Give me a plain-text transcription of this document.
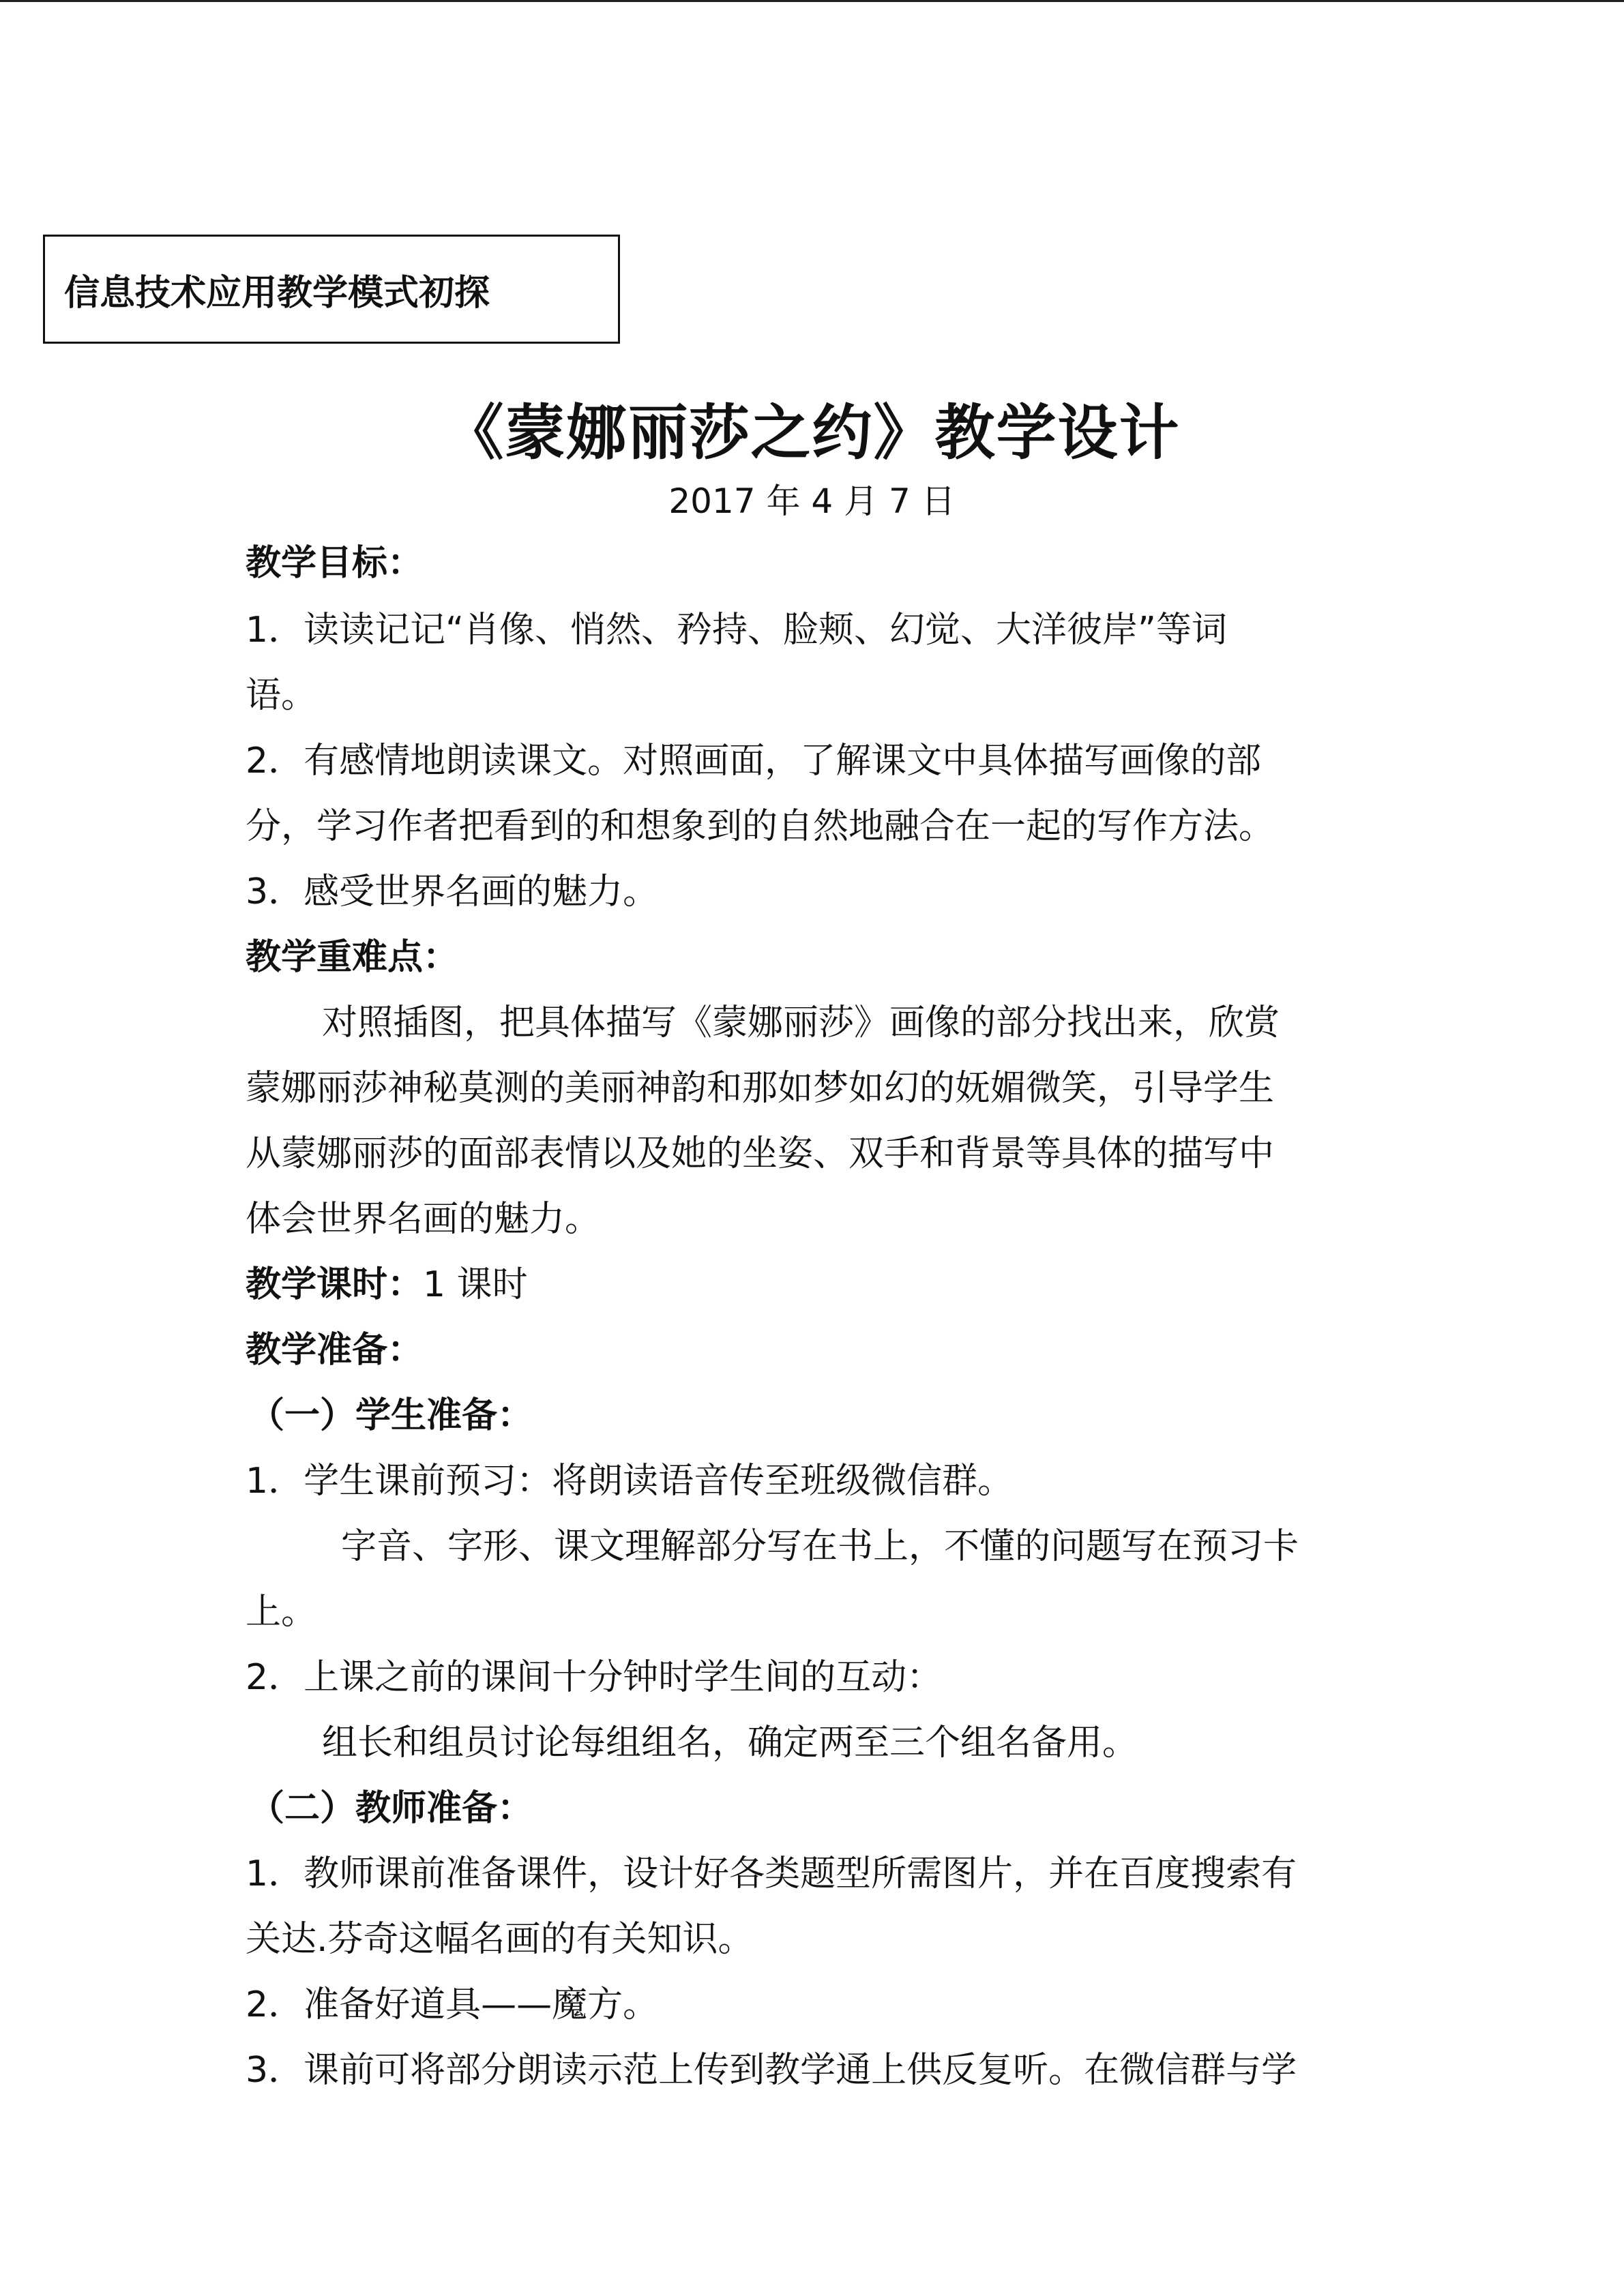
信息技术应用教学模式初探
《蒙娜丽莎之约》教学设计
2017 年 4 月 7 日
教学目标：
1．读读记记“肖像、悄然、矜持、脸颊、幻觉、大洋彼岸”等词
语。
2．有感情地朗读课文。对照画面，了解课文中具体描写画像的部
分，学习作者把看到的和想象到的自然地融合在一起的写作方法。
3．感受世界名画的魅力。
教学重难点：
对照插图，把具体描写《蒙娜丽莎》画像的部分找出来，欣赏
蒙娜丽莎神秘莫测的美丽神韵和那如梦如幻的妩媚微笑，引导学生
从蒙娜丽莎的面部表情以及她的坐姿、双手和背景等具体的描写中
体会世界名画的魅力。
教学课时：1 课时
教学准备：
（一）学生准备：
1．学生课前预习：将朗读语音传至班级微信群。
字音、字形、课文理解部分写在书上，不懂的问题写在预习卡
上。
2．上课之前的课间十分钟时学生间的互动：
组长和组员讨论每组组名，确定两至三个组名备用。
（二）教师准备：
1．教师课前准备课件，设计好各类题型所需图片，并在百度搜索有
关达.芬奇这幅名画的有关知识。
2．准备好道具——魔方。
3．课前可将部分朗读示范上传到教学通上供反复听。在微信群与学
